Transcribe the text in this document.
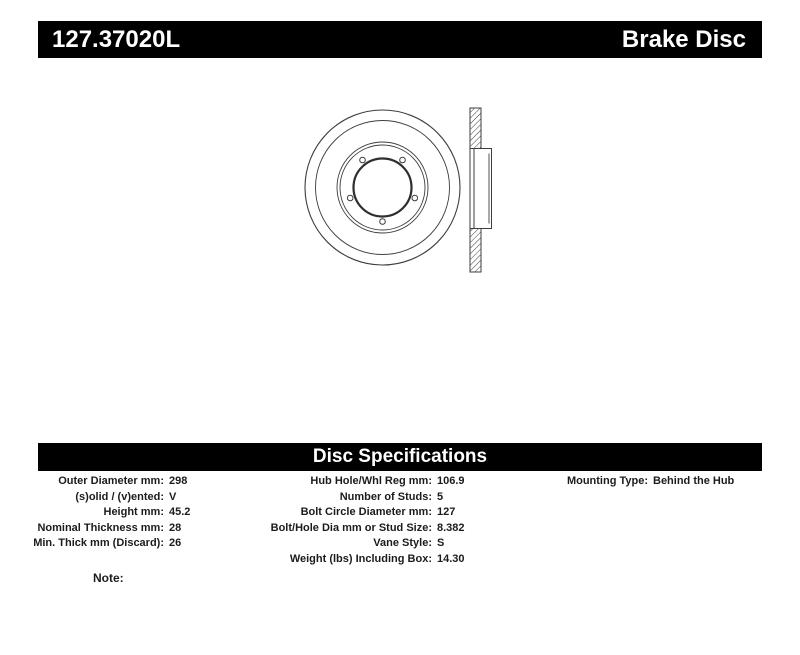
127.37020L	Brake Disc
Disc Specifications
Outer Diameter mm: 298
(s)olid / (v)ented: V
Height mm: 45.2
Nominal Thickness mm: 28
Min. Thick mm (Discard): 26
Hub Hole/Whl Reg mm: 106.9
Number of Studs: 5
Bolt Circle Diameter mm: 127
Bolt/Hole Dia mm or Stud Size: 8.382
Vane Style: S
Weight (lbs) Including Box: 14.30
Mounting Type: Behind the Hub
Note:
